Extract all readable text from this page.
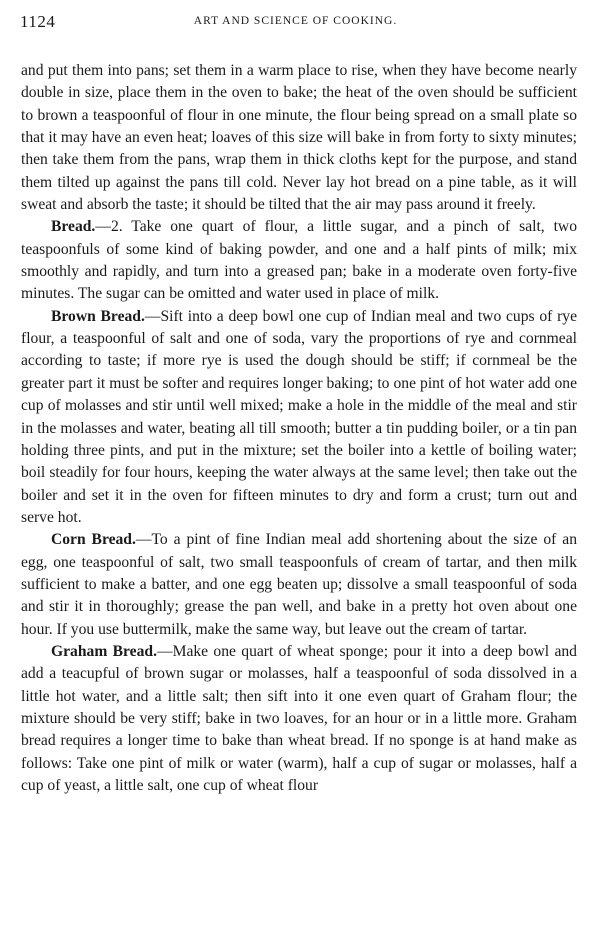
1124	ART AND SCIENCE OF COOKING.

and put them into pans; set them in a warm place to rise, when they have become nearly double in size, place them in the oven to bake; the heat of the oven should be sufficient to brown a teaspoonful of flour in one minute, the flour being spread on a small plate so that it may have an even heat; loaves of this size will bake in from forty to sixty minutes; then take them from the pans, wrap them in thick cloths kept for the purpose, and stand them tilted up against the pans till cold. Never lay hot bread on a pine table, as it will sweat and absorb the taste; it should be tilted that the air may pass around it freely.

Bread.—2. Take one quart of flour, a little sugar, and a pinch of salt, two teaspoonfuls of some kind of baking powder, and one and a half pints of milk; mix smoothly and rapidly, and turn into a greased pan; bake in a moderate oven forty-five minutes. The sugar can be omitted and water used in place of milk.

Brown Bread.—Sift into a deep bowl one cup of Indian meal and two cups of rye flour, a teaspoonful of salt and one of soda, vary the proportions of rye and cornmeal according to taste; if more rye is used the dough should be stiff; if cornmeal be the greater part it must be softer and requires longer baking; to one pint of hot water add one cup of molasses and stir until well mixed; make a hole in the middle of the meal and stir in the molasses and water, beating all till smooth; butter a tin pudding boiler, or a tin pan holding three pints, and put in the mixture; set the boiler into a kettle of boiling water; boil steadily for four hours, keeping the water always at the same level; then take out the boiler and set it in the oven for fifteen minutes to dry and form a crust; turn out and serve hot.

Corn Bread.—To a pint of fine Indian meal add shortening about the size of an egg, one teaspoonful of salt, two small teaspoonfuls of cream of tartar, and then milk sufficient to make a batter, and one egg beaten up; dissolve a small teaspoonful of soda and stir it in thoroughly; grease the pan well, and bake in a pretty hot oven about one hour. If you use buttermilk, make the same way, but leave out the cream of tartar.

Graham Bread.—Make one quart of wheat sponge; pour it into a deep bowl and add a teacupful of brown sugar or molasses, half a teaspoonful of soda dissolved in a little hot water, and a little salt; then sift into it one even quart of Graham flour; the mixture should be very stiff; bake in two loaves, for an hour or in a little more. Graham bread requires a longer time to bake than wheat bread. If no sponge is at hand make as follows: Take one pint of milk or water (warm), half a cup of sugar or molasses, half a cup of yeast, a little salt, one cup of wheat flour
